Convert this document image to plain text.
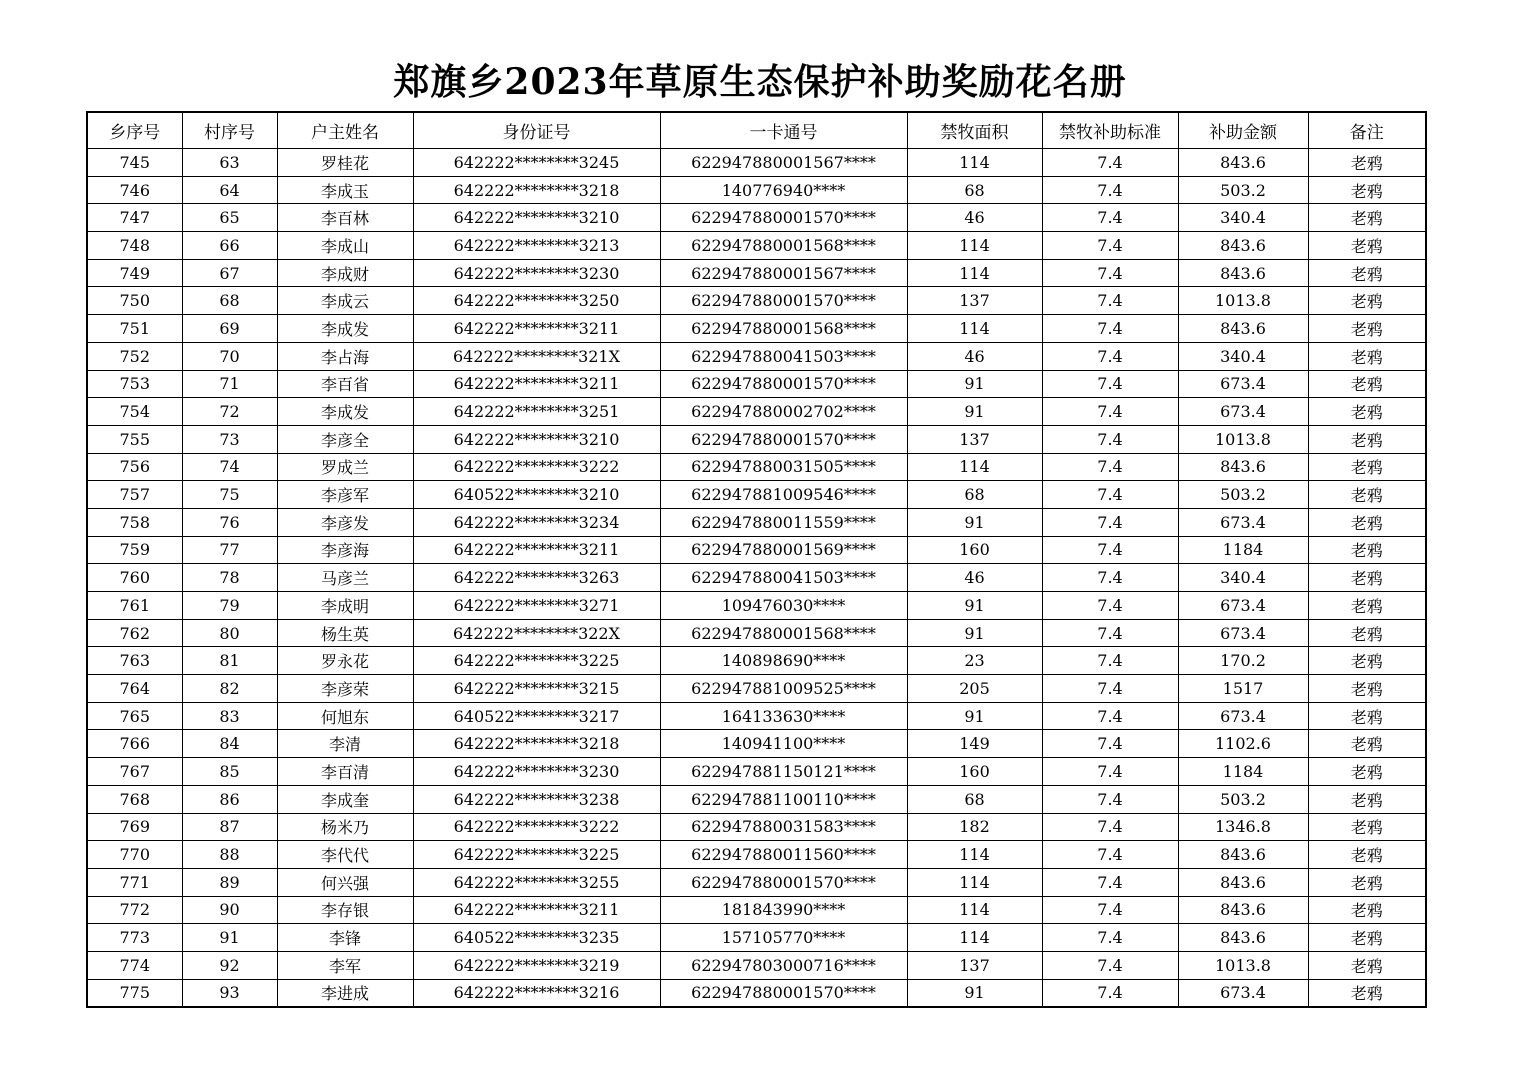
郑旗乡2023年草原生态保护补助奖励花名册
乡序号	村序号	户主姓名	身份证号	一卡通号	禁牧面积	禁牧补助标准	补助金额	备注
745	63	罗桂花	642222********3245	622947880001567****	114	7.4	843.6	老鸦
746	64	李成玉	642222********3218	140776940****	68	7.4	503.2	老鸦
747	65	李百林	642222********3210	622947880001570****	46	7.4	340.4	老鸦
748	66	李成山	642222********3213	622947880001568****	114	7.4	843.6	老鸦
749	67	李成财	642222********3230	622947880001567****	114	7.4	843.6	老鸦
750	68	李成云	642222********3250	622947880001570****	137	7.4	1013.8	老鸦
751	69	李成发	642222********3211	622947880001568****	114	7.4	843.6	老鸦
752	70	李占海	642222********321X	622947880041503****	46	7.4	340.4	老鸦
753	71	李百省	642222********3211	622947880001570****	91	7.4	673.4	老鸦
754	72	李成发	642222********3251	622947880002702****	91	7.4	673.4	老鸦
755	73	李彦全	642222********3210	622947880001570****	137	7.4	1013.8	老鸦
756	74	罗成兰	642222********3222	622947880031505****	114	7.4	843.6	老鸦
757	75	李彦军	640522********3210	622947881009546****	68	7.4	503.2	老鸦
758	76	李彦发	642222********3234	622947880011559****	91	7.4	673.4	老鸦
759	77	李彦海	642222********3211	622947880001569****	160	7.4	1184	老鸦
760	78	马彦兰	642222********3263	622947880041503****	46	7.4	340.4	老鸦
761	79	李成明	642222********3271	109476030****	91	7.4	673.4	老鸦
762	80	杨生英	642222********322X	622947880001568****	91	7.4	673.4	老鸦
763	81	罗永花	642222********3225	140898690****	23	7.4	170.2	老鸦
764	82	李彦荣	642222********3215	622947881009525****	205	7.4	1517	老鸦
765	83	何旭东	640522********3217	164133630****	91	7.4	673.4	老鸦
766	84	李清	642222********3218	140941100****	149	7.4	1102.6	老鸦
767	85	李百清	642222********3230	622947881150121****	160	7.4	1184	老鸦
768	86	李成奎	642222********3238	622947881100110****	68	7.4	503.2	老鸦
769	87	杨米乃	642222********3222	622947880031583****	182	7.4	1346.8	老鸦
770	88	李代代	642222********3225	622947880011560****	114	7.4	843.6	老鸦
771	89	何兴强	642222********3255	622947880001570****	114	7.4	843.6	老鸦
772	90	李存银	642222********3211	181843990****	114	7.4	843.6	老鸦
773	91	李锋	640522********3235	157105770****	114	7.4	843.6	老鸦
774	92	李军	642222********3219	622947803000716****	137	7.4	1013.8	老鸦
775	93	李进成	642222********3216	622947880001570****	91	7.4	673.4	老鸦
